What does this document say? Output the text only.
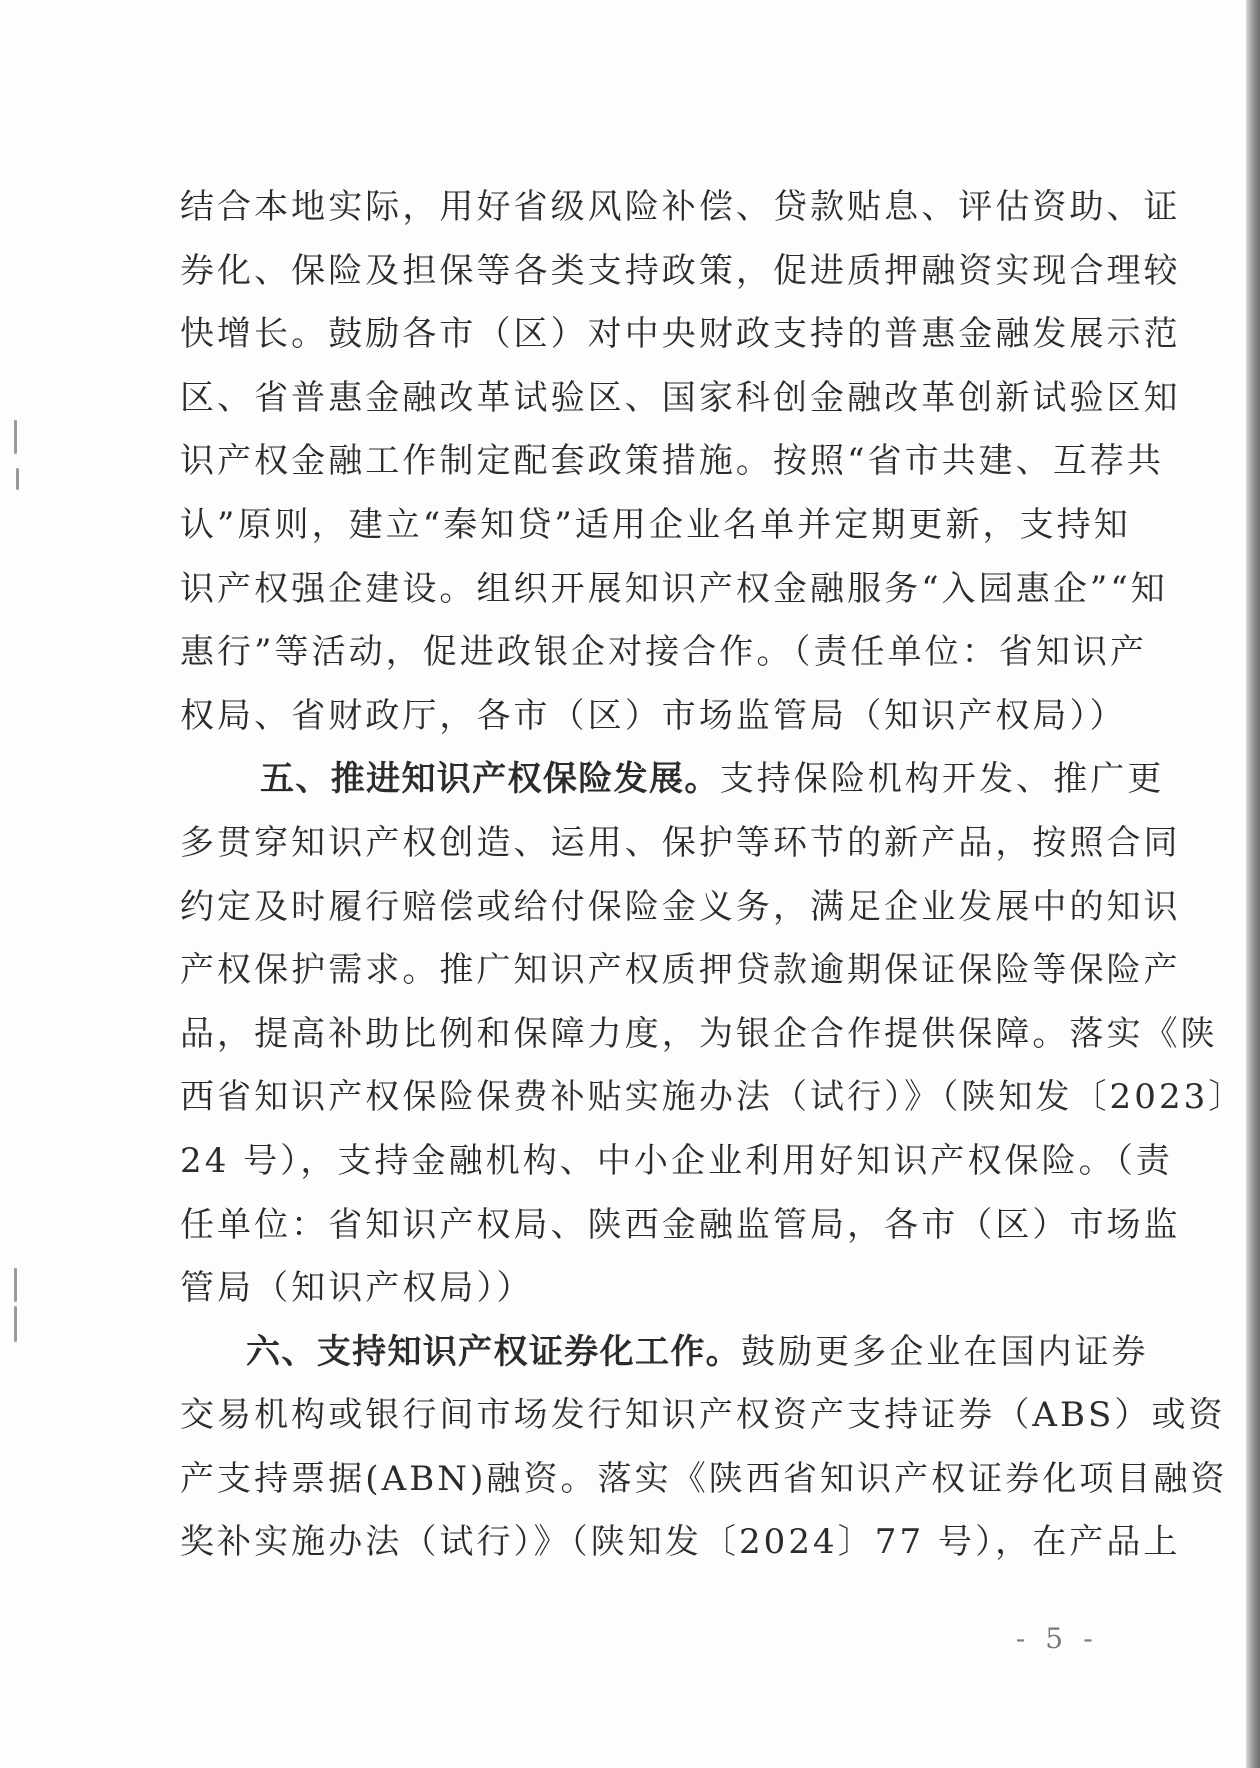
结合本地实际，用好省级风险补偿、贷款贴息、评估资助、证
券化、保险及担保等各类支持政策，促进质押融资实现合理较
快增长。鼓励各市（区）对中央财政支持的普惠金融发展示范
区、省普惠金融改革试验区、国家科创金融改革创新试验区知
识产权金融工作制定配套政策措施。按照“省市共建、互荐共
认”原则，建立“秦知贷”适用企业名单并定期更新，支持知
识产权强企建设。组织开展知识产权金融服务“入园惠企”“知
惠行”等活动，促进政银企对接合作。（责任单位：省知识产
权局、省财政厅，各市（区）市场监管局（知识产权局））
五、推进知识产权保险发展。支持保险机构开发、推广更
多贯穿知识产权创造、运用、保护等环节的新产品，按照合同
约定及时履行赔偿或给付保险金义务，满足企业发展中的知识
产权保护需求。推广知识产权质押贷款逾期保证保险等保险产
品，提高补助比例和保障力度，为银企合作提供保障。落实《陕
西省知识产权保险保费补贴实施办法（试行）》（陕知发〔2023〕
24 号），支持金融机构、中小企业利用好知识产权保险。（责
任单位：省知识产权局、陕西金融监管局，各市（区）市场监
管局（知识产权局））
六、支持知识产权证券化工作。鼓励更多企业在国内证券
交易机构或银行间市场发行知识产权资产支持证券（ABS）或资
产支持票据(ABN)融资。落实《陕西省知识产权证券化项目融资
奖补实施办法（试行）》（陕知发〔2024〕77 号），在产品上
- 5 -
